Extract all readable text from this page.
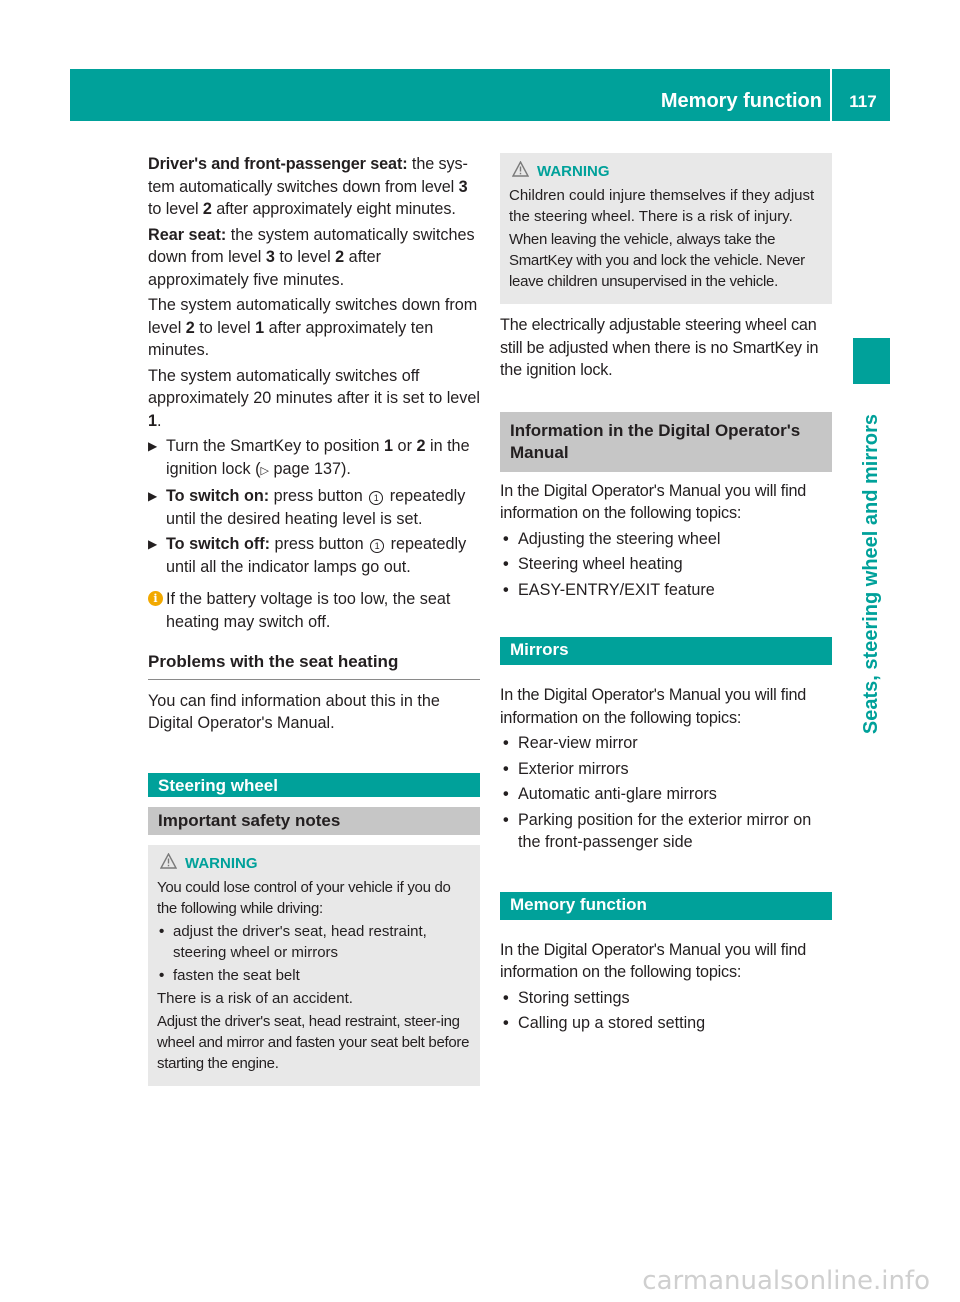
Memory function	117
Seats, steering wheel and mirrors

Driver's and front-passenger seat: the sys-tem automatically switches down from level 3 to level 2 after approximately eight minutes.

Rear seat: the system automatically switches down from level 3 to level 2 after approximately five minutes.

The system automatically switches down from level 2 to level 1 after approximately ten minutes.

The system automatically switches off approximately 20 minutes after it is set to level 1.

▶ Turn the SmartKey to position 1 or 2 in the ignition lock (▷ page 137).
▶ To switch on: press button 1 repeatedly until the desired heating level is set.
▶ To switch off: press button 1 repeatedly until all the indicator lamps go out.
i If the battery voltage is too low, the seat heating may switch off.
Problems with the seat heating

You can find information about this in the Digital Operator's Manual.

Steering wheel
Important safety notes
WARNING

You could lose control of your vehicle if you do the following while driving:

• adjust the driver's seat, head restraint, steering wheel or mirrors
• fasten the seat belt

There is a risk of an accident.

Adjust the driver's seat, head restraint, steer-ing wheel and mirror and fasten your seat belt before starting the engine.

WARNING

Children could injure themselves if they adjust the steering wheel. There is a risk of injury.

When leaving the vehicle, always take the SmartKey with you and lock the vehicle. Never leave children unsupervised in the vehicle.

The electrically adjustable steering wheel can still be adjusted when there is no SmartKey in the ignition lock.

Information in the Digital Operator's Manual

In the Digital Operator's Manual you will find information on the following topics:

• Adjusting the steering wheel
• Steering wheel heating
• EASY-ENTRY/EXIT feature
Mirrors

In the Digital Operator's Manual you will find information on the following topics:

• Rear-view mirror
• Exterior mirrors
• Automatic anti-glare mirrors
• Parking position for the exterior mirror on the front-passenger side
Memory function

In the Digital Operator's Manual you will find information on the following topics:

• Storing settings
• Calling up a stored setting
carmanualsonline.info
